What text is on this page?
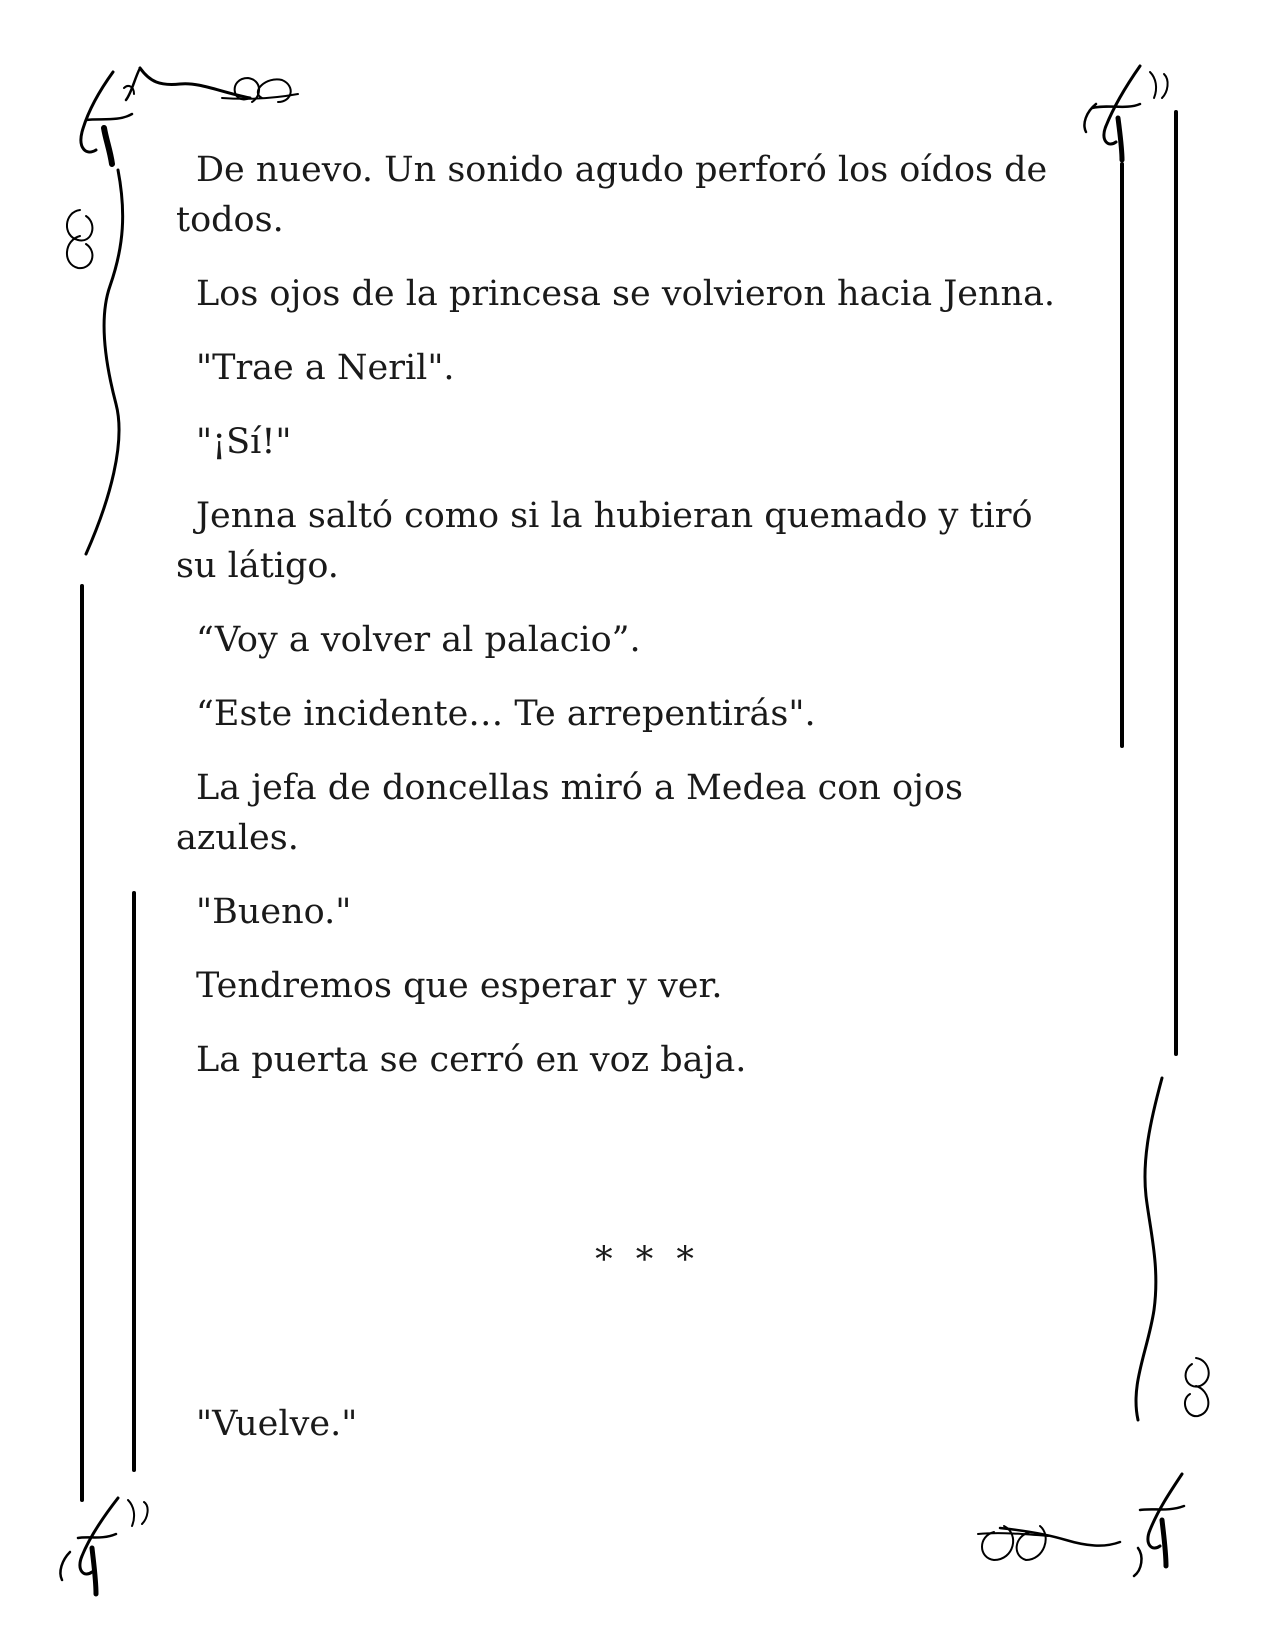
De nuevo. Un sonido agudo perforó los oídos de todos.

Los ojos de la princesa se volvieron hacia Jenna.

"Trae a Neril".

"¡Sí!"

Jenna saltó como si la hubieran quemado y tiró su látigo.

“Voy a volver al palacio”.

“Este incidente… Te arrepentirás".

La jefa de doncellas miró a Medea con ojos azules.

"Bueno."

Tendremos que esperar y ver.

La puerta se cerró en voz baja.

* * *

"Vuelve."
